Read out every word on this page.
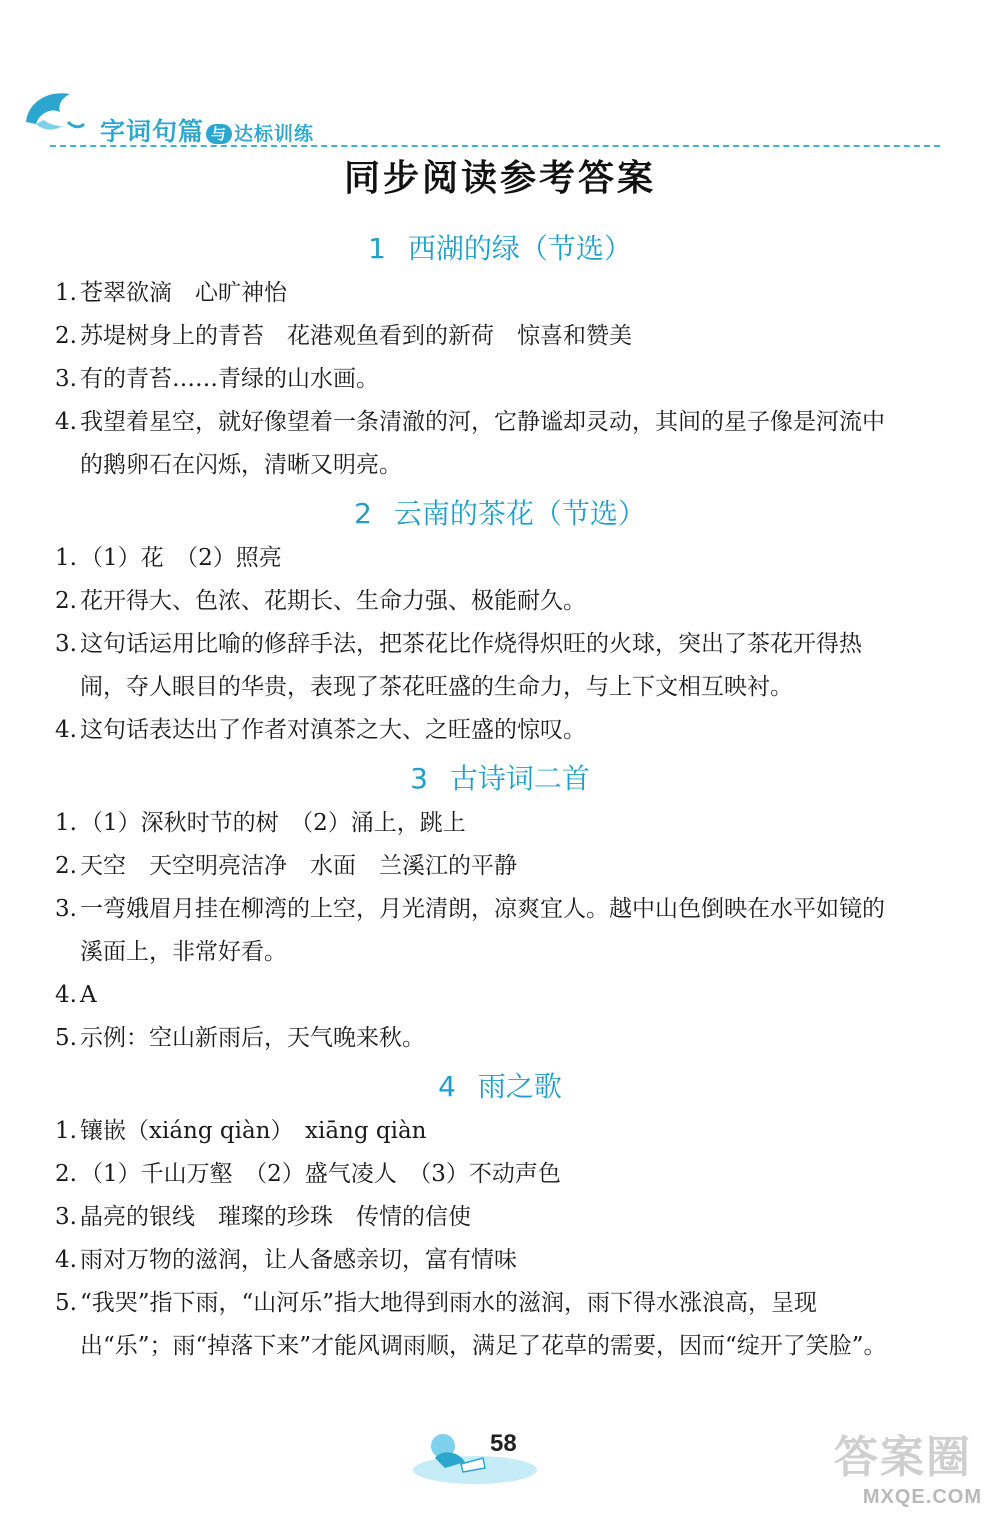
字词句篇 与 达标训练
同步阅读参考答案
1 西湖的绿（节选）
1. 苍翠欲滴　心旷神怡
2. 苏堤树身上的青苔　花港观鱼看到的新荷　惊喜和赞美
3. 有的青苔……青绿的山水画。
4. 我望着星空，就好像望着一条清澈的河，它静谧却灵动，其间的星子像是河流中的鹅卵石在闪烁，清晰又明亮。
2 云南的茶花（节选）
1. （1）花　（2）照亮
2. 花开得大、色浓、花期长、生命力强、极能耐久。
3. 这句话运用比喻的修辞手法，把茶花比作烧得炽旺的火球，突出了茶花开得热闹，夺人眼目的华贵，表现了茶花旺盛的生命力，与上下文相互映衬。
4. 这句话表达出了作者对滇茶之大、之旺盛的惊叹。
3 古诗词二首
1. （1）深秋时节的树　（2）涌上，跳上
2. 天空　天空明亮洁净　水面　兰溪江的平静
3. 一弯娥眉月挂在柳湾的上空，月光清朗，凉爽宜人。越中山色倒映在水平如镜的溪面上，非常好看。
4. A
5. 示例：空山新雨后，天气晚来秋。
4 雨之歌
1. 镶嵌（xiáng qiàn）　xiāng qiàn
2. （1）千山万壑　（2）盛气凌人　（3）不动声色
3. 晶亮的银线　璀璨的珍珠　传情的信使
4. 雨对万物的滋润，让人备感亲切，富有情味
5. “我哭”指下雨，“山河乐”指大地得到雨水的滋润，雨下得水涨浪高，呈现出“乐”；雨“掉落下来”才能风调雨顺，满足了花草的需要，因而“绽开了笑脸”。
58	答案圈
MXQE.COM
